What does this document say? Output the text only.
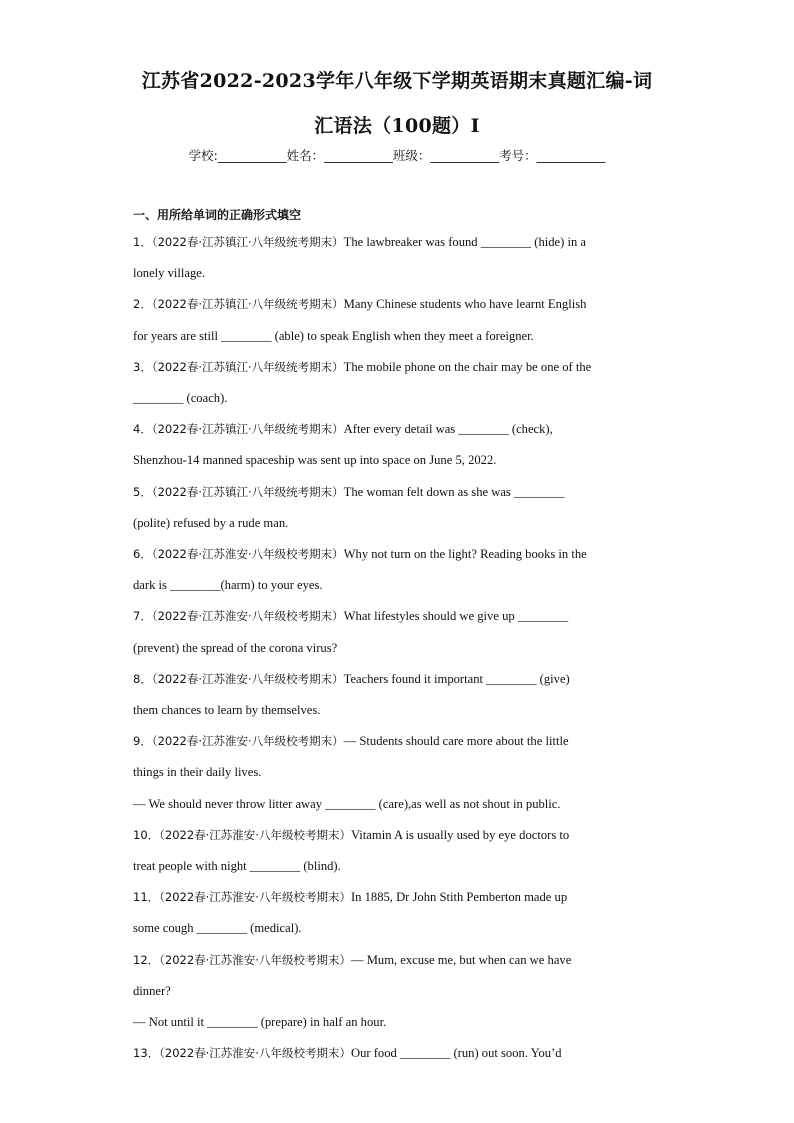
江苏省2022-2023学年八年级下学期英语期末真题汇编-词
汇语法（100题）Ⅰ
学校:___________姓名：___________班级：___________考号：___________
一、用所给单词的正确形式填空
1．（2022春·江苏镇江·八年级统考期末）The lawbreaker was found ________ (hide) in a
lonely village.
2．（2022春·江苏镇江·八年级统考期末）Many Chinese students who have learnt English
for years are still ________ (able) to speak English when they meet a foreigner.
3．（2022春·江苏镇江·八年级统考期末）The mobile phone on the chair may be one of the
________ (coach).
4．（2022春·江苏镇江·八年级统考期末）After every detail was ________ (check),
Shenzhou-14 manned spaceship was sent up into space on June 5, 2022.
5．（2022春·江苏镇江·八年级统考期末）The woman felt down as she was ________
(polite) refused by a rude man.
6．（2022春·江苏淮安·八年级校考期末）Why not turn on the light? Reading books in the
dark is ________(harm) to your eyes.
7．（2022春·江苏淮安·八年级校考期末）What lifestyles should we give up ________
(prevent) the spread of the corona virus?
8．（2022春·江苏淮安·八年级校考期末）Teachers found it important ________ (give)
them chances to learn by themselves.
9．（2022春·江苏淮安·八年级校考期末）— Students should care more about the little
things in their daily lives.
— We should never throw litter away ________ (care),as well as not shout in public.
10．（2022春·江苏淮安·八年级校考期末）Vitamin A is usually used by eye doctors to
treat people with night ________ (blind).
11．（2022春·江苏淮安·八年级校考期末）In 1885, Dr John Stith Pemberton made up
some cough ________ (medical).
12．（2022春·江苏淮安·八年级校考期末）— Mum, excuse me, but when can we have
dinner?
— Not until it ________ (prepare) in half an hour.
13．（2022春·江苏淮安·八年级校考期末）Our food ________ (run) out soon. You’d
